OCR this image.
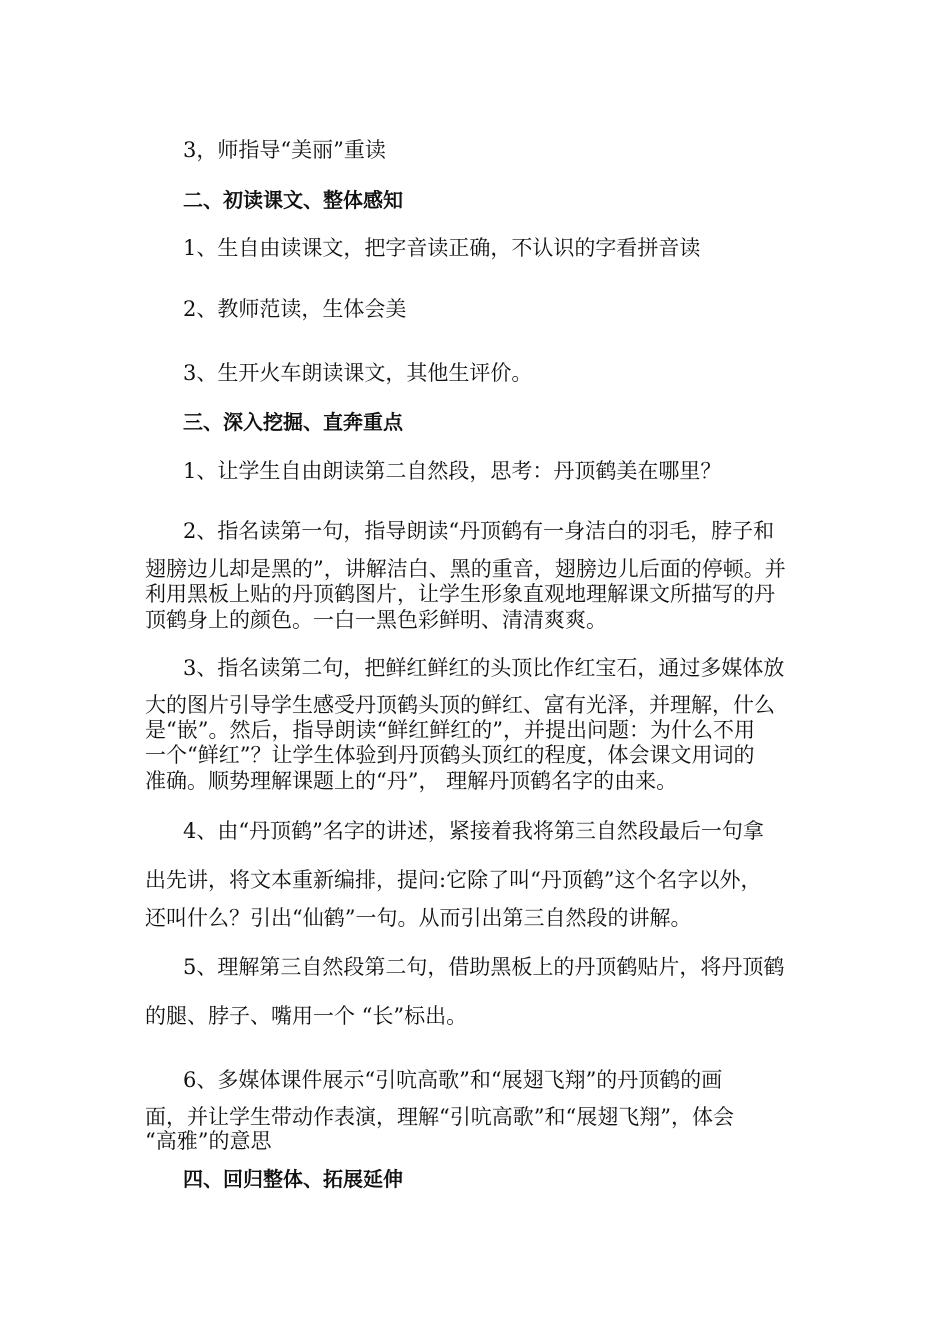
3，师指导“美丽”重读

二、初读课文、整体感知

1、生自由读课文，把字音读正确，不认识的字看拼音读

2、教师范读，生体会美

3、生开火车朗读课文，其他生评价。

三、深入挖掘、直奔重点

1、让学生自由朗读第二自然段，思考：丹顶鹤美在哪里？

2、指名读第一句，指导朗读“丹顶鹤有一身洁白的羽毛，脖子和

翅膀边儿却是黑的”，讲解洁白、黑的重音，翅膀边儿后面的停顿。并

利用黑板上贴的丹顶鹤图片，让学生形象直观地理解课文所描写的丹

顶鹤身上的颜色。一白一黑色彩鲜明、清清爽爽。

3、指名读第二句，把鲜红鲜红的头顶比作红宝石，通过多媒体放

大的图片引导学生感受丹顶鹤头顶的鲜红、富有光泽，并理解，什么

是“嵌”。然后，指导朗读“鲜红鲜红的”，并提出问题：为什么不用

一个“鲜红”？让学生体验到丹顶鹤头顶红的程度，体会课文用词的

准确。顺势理解课题上的“丹”， 理解丹顶鹤名字的由来。

4、由“丹顶鹤”名字的讲述，紧接着我将第三自然段最后一句拿

出先讲，将文本重新编排，提问:它除了叫“丹顶鹤”这个名字以外，

还叫什么？引出“仙鹤”一句。从而引出第三自然段的讲解。

5、理解第三自然段第二句，借助黑板上的丹顶鹤贴片，将丹顶鹤

的腿、脖子、嘴用一个 “长”标出。

6、多媒体课件展示“引吭高歌”和“展翅飞翔”的丹顶鹤的画

面，并让学生带动作表演，理解“引吭高歌”和“展翅飞翔”，体会

“高雅”的意思

四、回归整体、拓展延伸
